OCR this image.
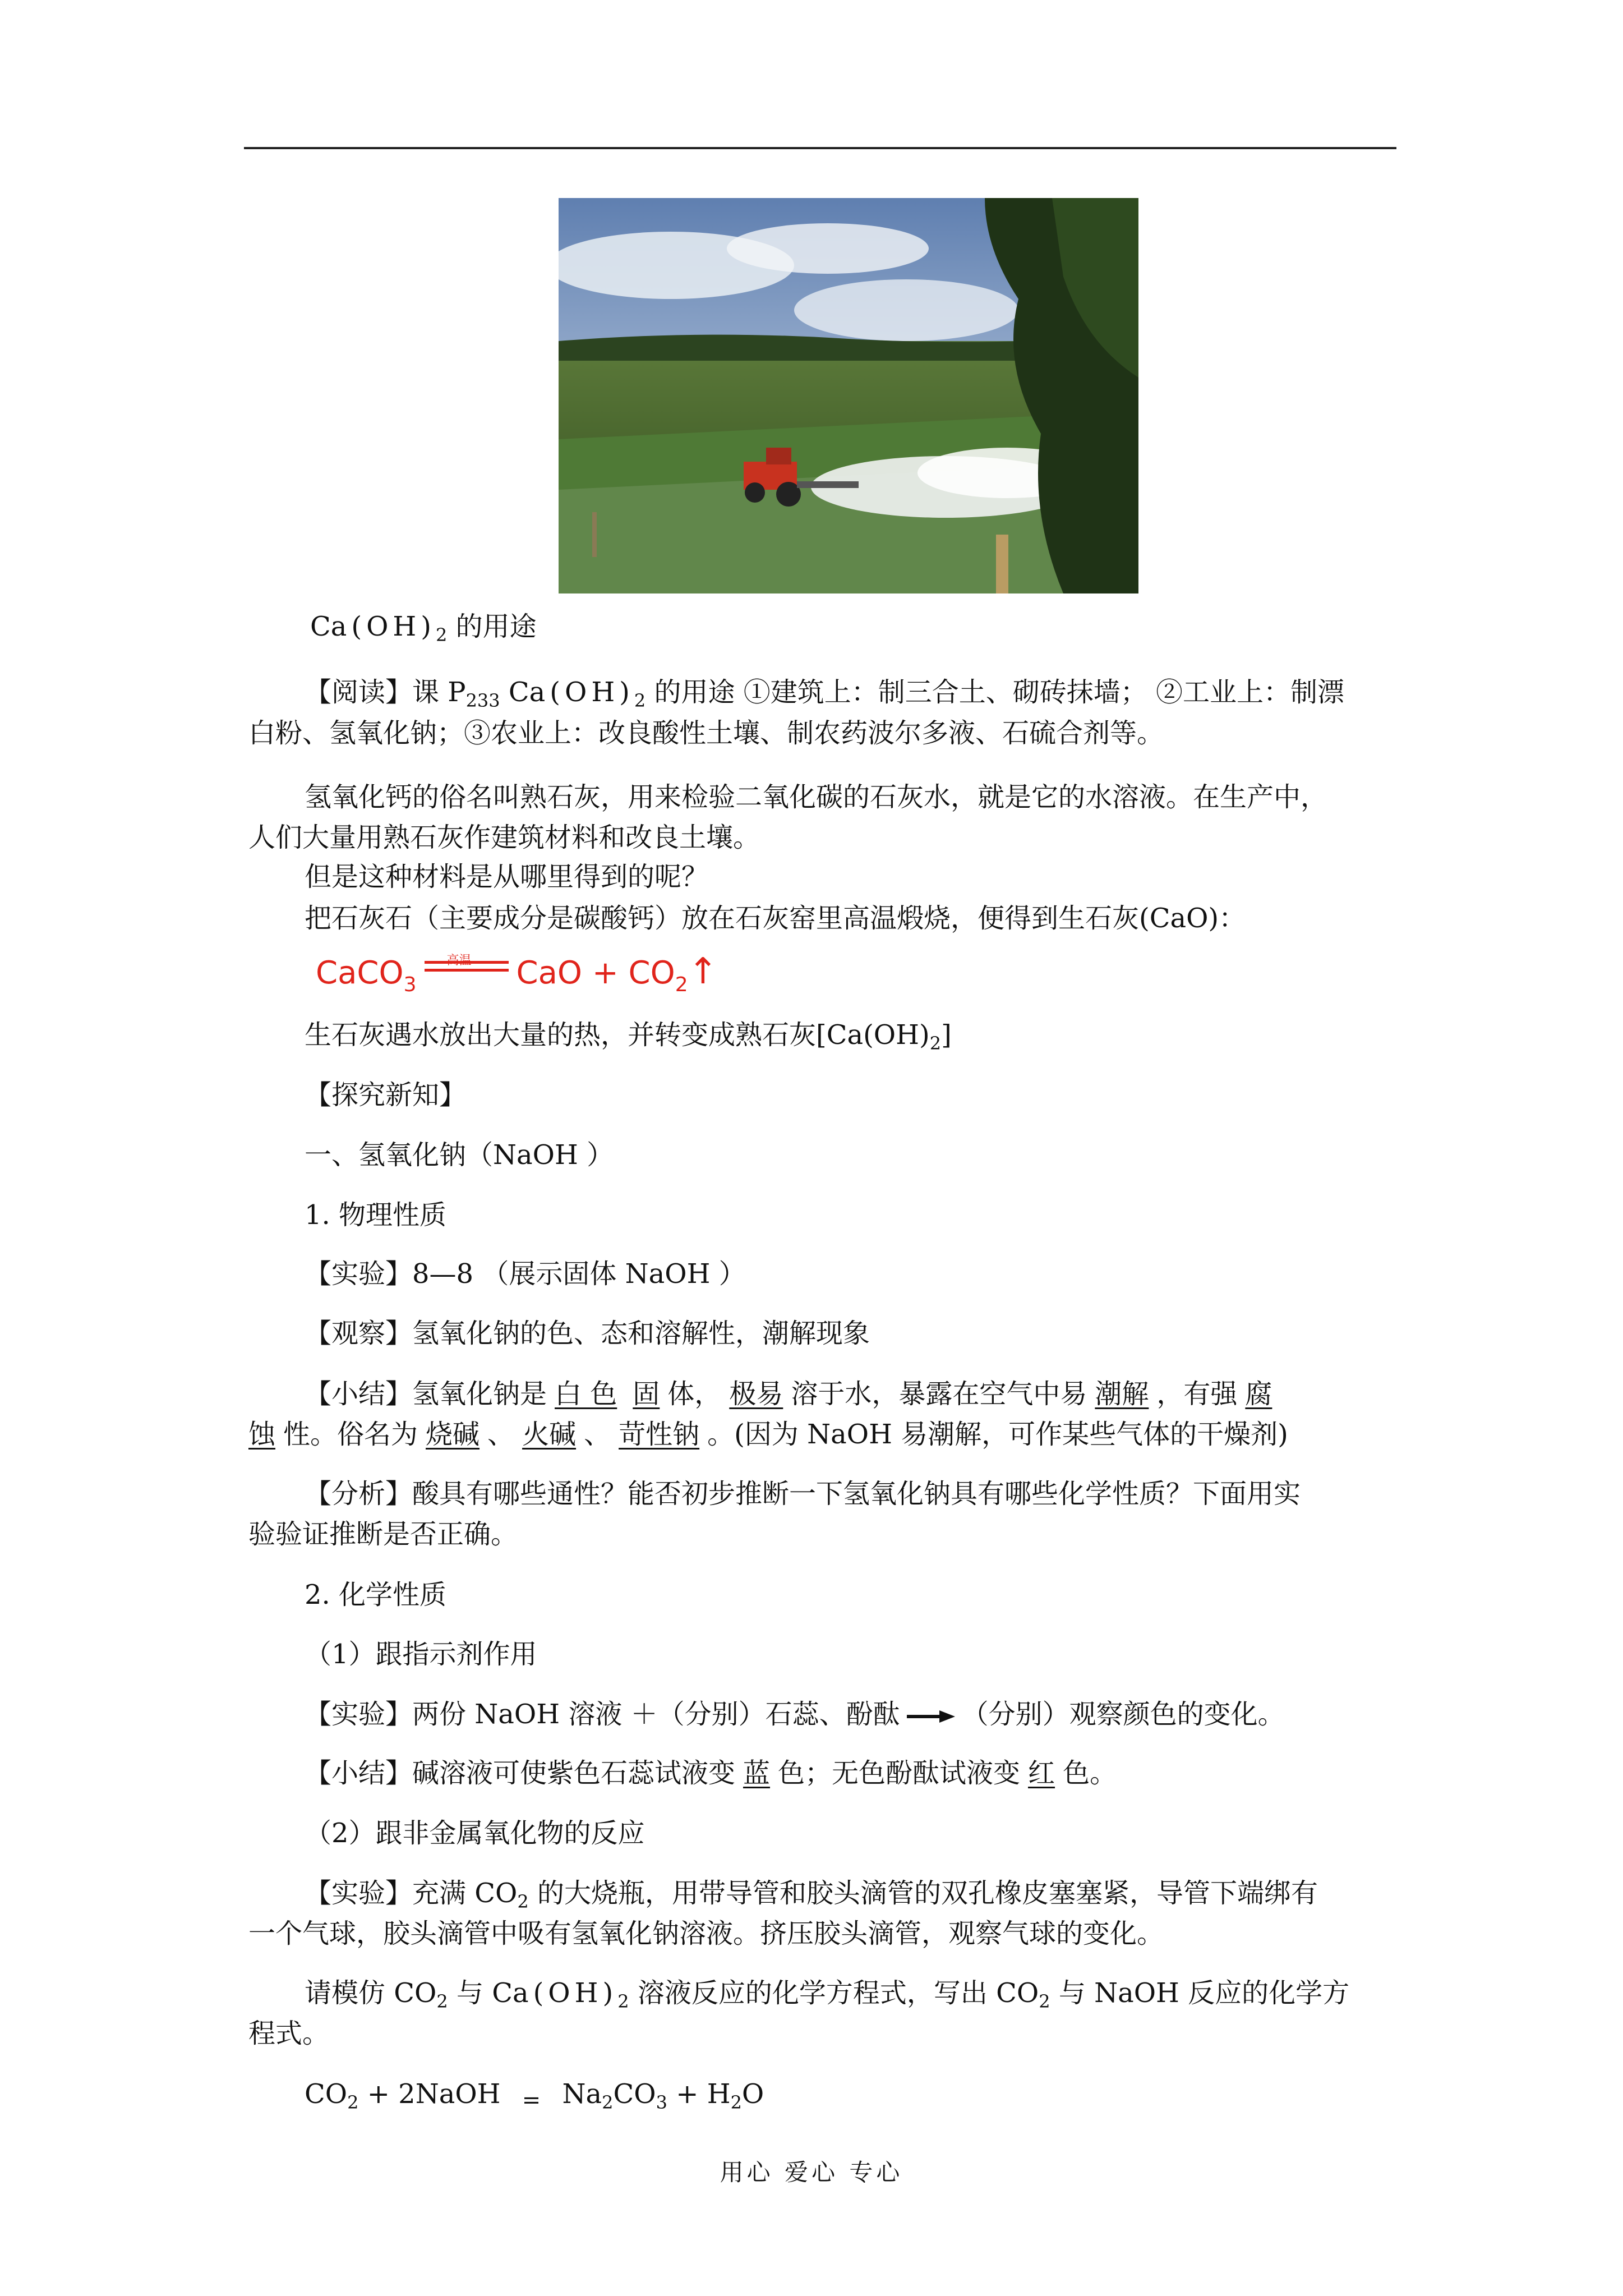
$Ca(OH)_2$ 的用途
【阅读】课 $P_{233}$ $Ca(OH)_2$ 的用途 ①建筑上：制三合土、砌砖抹墙； ②工业上：制漂
白粉、氢氧化钠；③农业上：改良酸性土壤、制农药波尔多液、石硫合剂等。
氢氧化钙的俗名叫熟石灰，用来检验二氧化碳的石灰水，就是它的水溶液。在生产中，
人们大量用熟石灰作建筑材料和改良土壤。
但是这种材料是从哪里得到的呢？
把石灰石（主要成分是碳酸钙）放在石灰窑里高温煅烧，便得到生石灰(CaO)：
CaCO$_3$
高温 CaO + $CO_2↑$
生石灰遇水放出大量的热，并转变成熟石灰$[Ca(OH)_2]$
【探究新知】
一、氢氧化钠（NaOH ）
1. 物理性质
【实验】8—8 （展示固体 NaOH ）
【观察】氢氧化钠的色、态和溶解性，潮解现象
【小结】氢氧化钠是 白 色 固 体， 极易 溶于水，暴露在空气中易 潮解 ，有强 腐
蚀 性。俗名为 烧碱 、 火碱 、 苛性钠 。(因为 NaOH 易潮解，可作某些气体的干燥剂)
【分析】酸具有哪些通性？能否初步推断一下氢氧化钠具有哪些化学性质？下面用实
验验证推断是否正确。
2. 化学性质
（1）跟指示剂作用
【实验】两份 NaOH 溶液 ＋（分别）石蕊、酚酞 （分别）观察颜色的变化。
【小结】碱溶液可使紫色石蕊试液变 蓝 色；无色酚酞试液变 红 色。
（2）跟非金属氧化物的反应
【实验】充满 $CO_2$ 的大烧瓶，用带导管和胶头滴管的双孔橡皮塞塞紧，导管下端绑有
一个气球，胶头滴管中吸有氢氧化钠溶液。挤压胶头滴管，观察气球的变化。
请模仿 $CO_2$ 与 $Ca(OH)_2$ 溶液反应的化学方程式，写出 $CO_2$ 与 NaOH 反应的化学方
程式。
$CO_2$ + 2NaOH = $Na_2CO_3 + H_2O$
用心 爱心 专心
